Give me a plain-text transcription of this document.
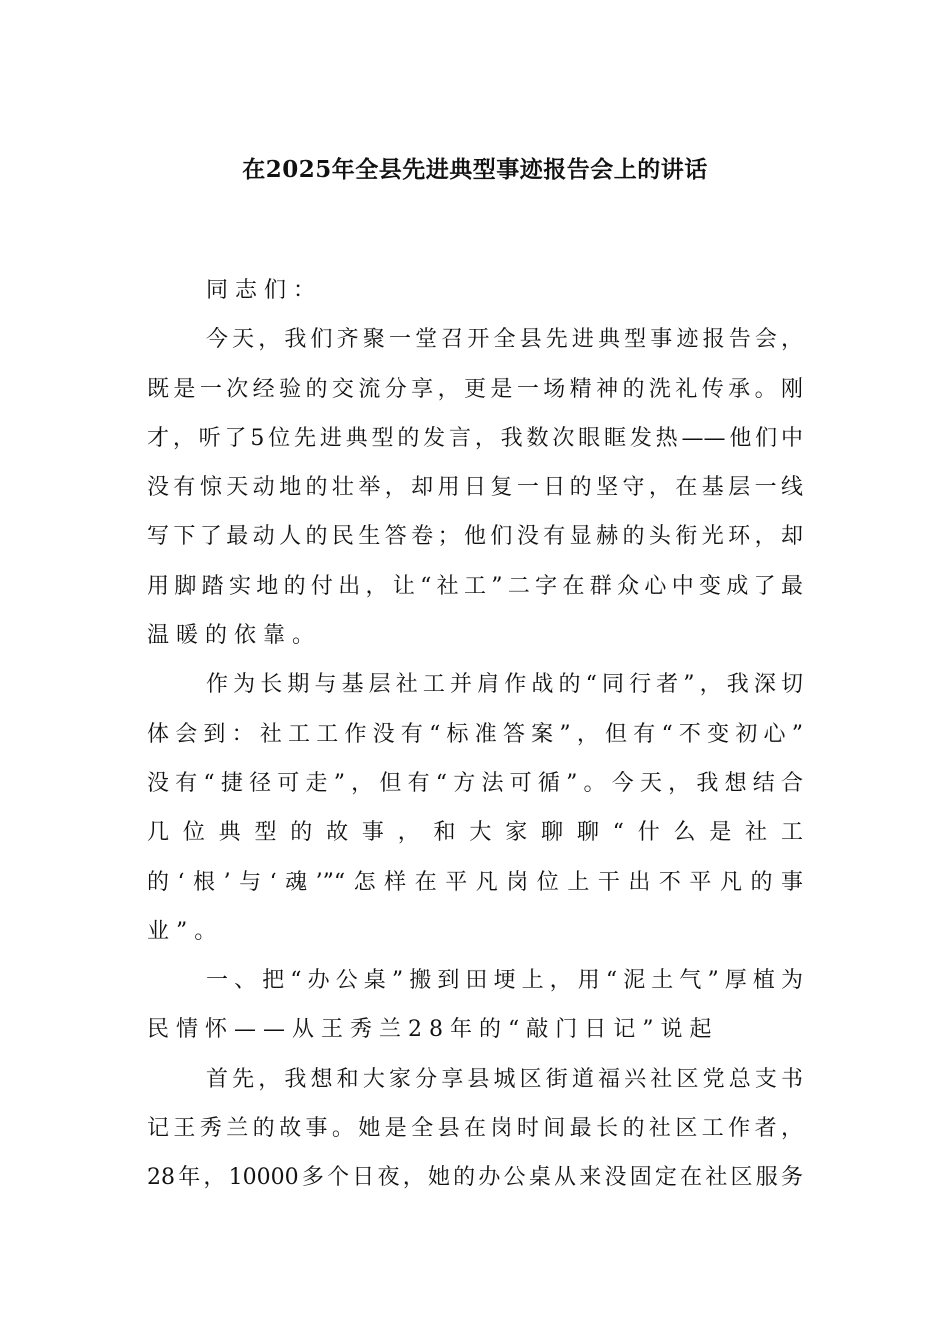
在2025年全县先进典型事迹报告会上的讲话
同志们：
今天，我们齐聚一堂召开全县先进典型事迹报告会，
既是一次经验的交流分享，更是一场精神的洗礼传承。刚
才，听了5位先进典型的发言，我数次眼眶发热——他们中
没有惊天动地的壮举，却用日复一日的坚守，在基层一线
写下了最动人的民生答卷；他们没有显赫的头衔光环，却
用脚踏实地的付出，让“社工”二字在群众心中变成了最
温暖的依靠。
作为长期与基层社工并肩作战的“同行者”，我深切
体会到：社工工作没有“标准答案”，但有“不变初心”
没有“捷径可走”，但有“方法可循”。今天，我想结合
几位典型的故事，和大家聊聊“什么是社工
的‘根’与‘魂’”“怎样在平凡岗位上干出不平凡的事
业”。
一、把“办公桌”搬到田埂上，用“泥土气”厚植为
民情怀——从王秀兰28年的“敲门日记”说起
首先，我想和大家分享县城区街道福兴社区党总支书
记王秀兰的故事。她是全县在岗时间最长的社区工作者，
28年，10000多个日夜，她的办公桌从来没固定在社区服务
